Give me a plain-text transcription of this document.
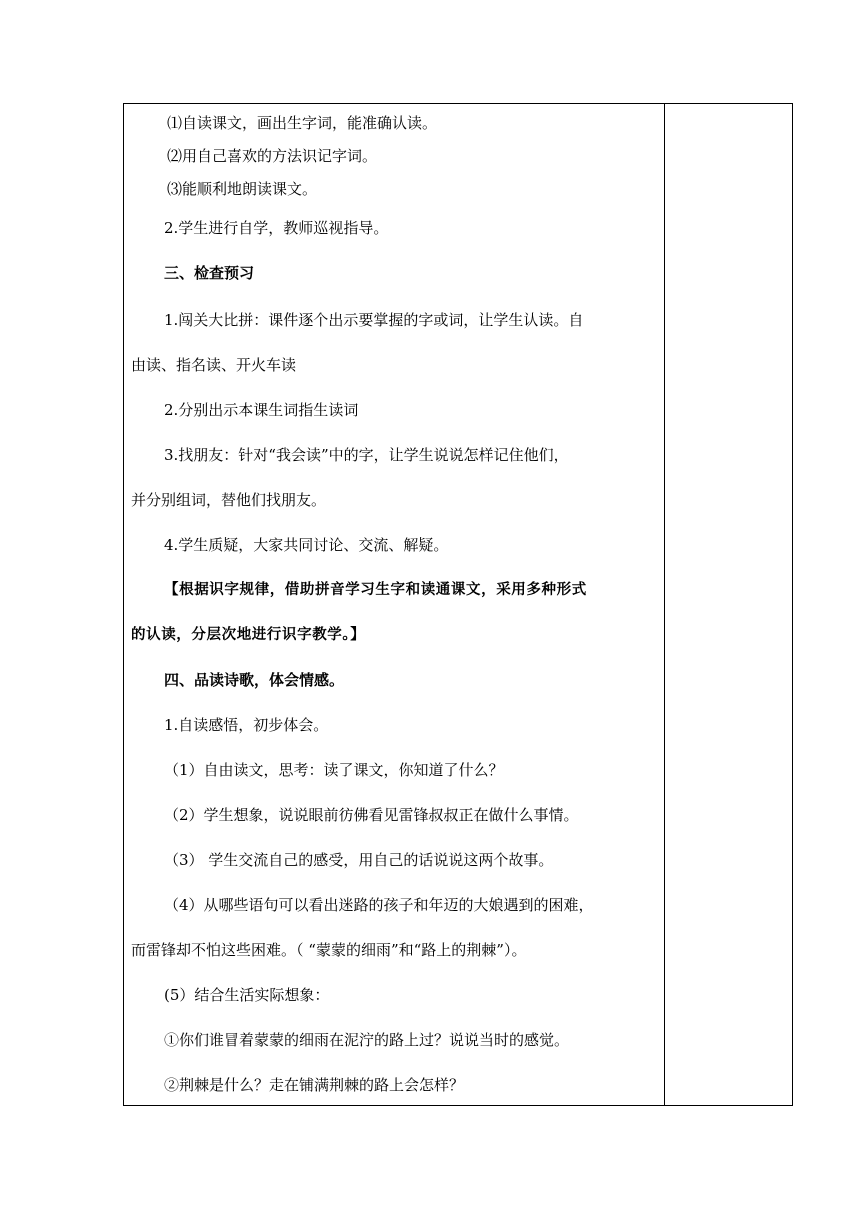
⑴自读课文，画出生字词，能准确认读。
⑵用自己喜欢的方法识记字词。
⑶能顺利地朗读课文。
2.学生进行自学，教师巡视指导。
三、检查预习
1.闯关大比拼：课件逐个出示要掌握的字或词，让学生认读。自
由读、指名读、开火车读
2.分别出示本课生词指生读词
3.找朋友：针对“我会读”中的字，让学生说说怎样记住他们，
并分别组词，替他们找朋友。
4.学生质疑，大家共同讨论、交流、解疑。
【根据识字规律，借助拼音学习生字和读通课文，采用多种形式
的认读，分层次地进行识字教学。】
四、品读诗歌，体会情感。
1.自读感悟，初步体会。
（1）自由读文，思考：读了课文，你知道了什么？
（2）学生想象，说说眼前彷佛看见雷锋叔叔正在做什么事情。
（3） 学生交流自己的感受，用自己的话说说这两个故事。
（4）从哪些语句可以看出迷路的孩子和年迈的大娘遇到的困难，
而雷锋却不怕这些困难。（ “蒙蒙的细雨”和“路上的荆棘”）。
(5）结合生活实际想象：
①你们谁冒着蒙蒙的细雨在泥泞的路上过？说说当时的感觉。
②荆棘是什么？走在铺满荆棘的路上会怎样？
